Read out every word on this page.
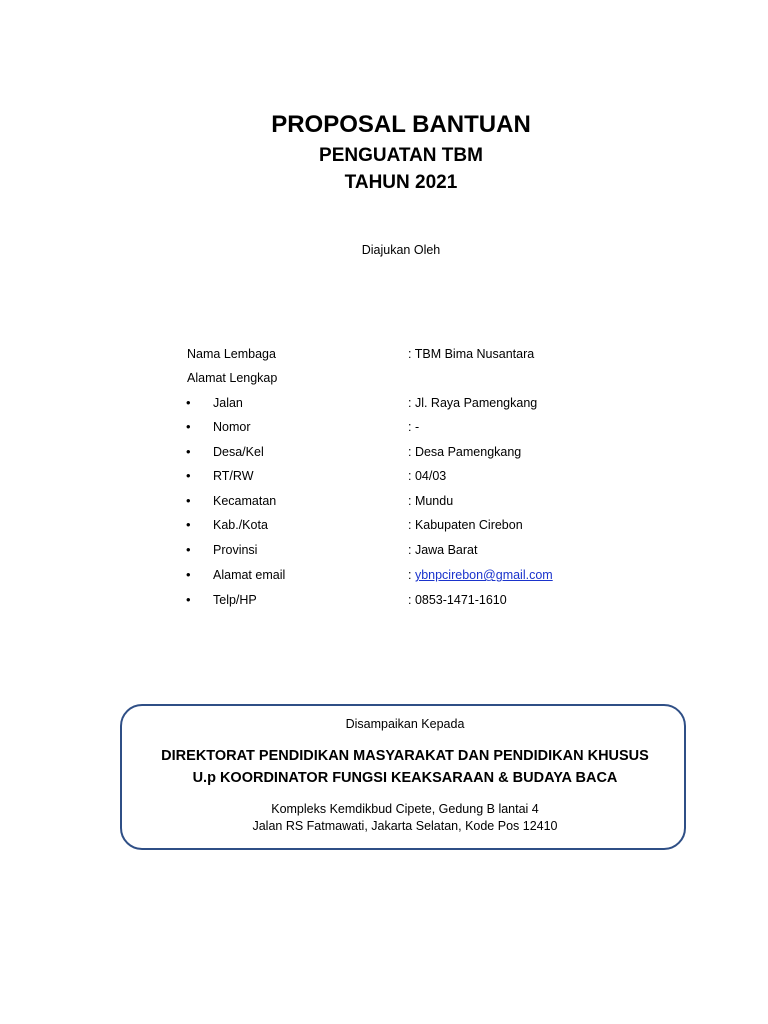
PROPOSAL BANTUAN
PENGUATAN TBM
TAHUN 2021
Diajukan Oleh
Nama Lembaga	: TBM Bima Nusantara
Alamat Lengkap
• Jalan	: Jl. Raya Pamengkang
• Nomor	: -
• Desa/Kel	: Desa Pamengkang
• RT/RW	: 04/03
• Kecamatan	: Mundu
• Kab./Kota	: Kabupaten Cirebon
• Provinsi	: Jawa Barat
• Alamat email	: ybnpcirebon@gmail.com
• Telp/HP	: 0853-1471-1610
Disampaikan Kepada
DIREKTORAT PENDIDIKAN MASYARAKAT DAN PENDIDIKAN KHUSUS
U.p KOORDINATOR FUNGSI KEAKSARAAN & BUDAYA BACA
Kompleks Kemdikbud Cipete, Gedung B lantai 4
Jalan RS Fatmawati, Jakarta Selatan, Kode Pos 12410
